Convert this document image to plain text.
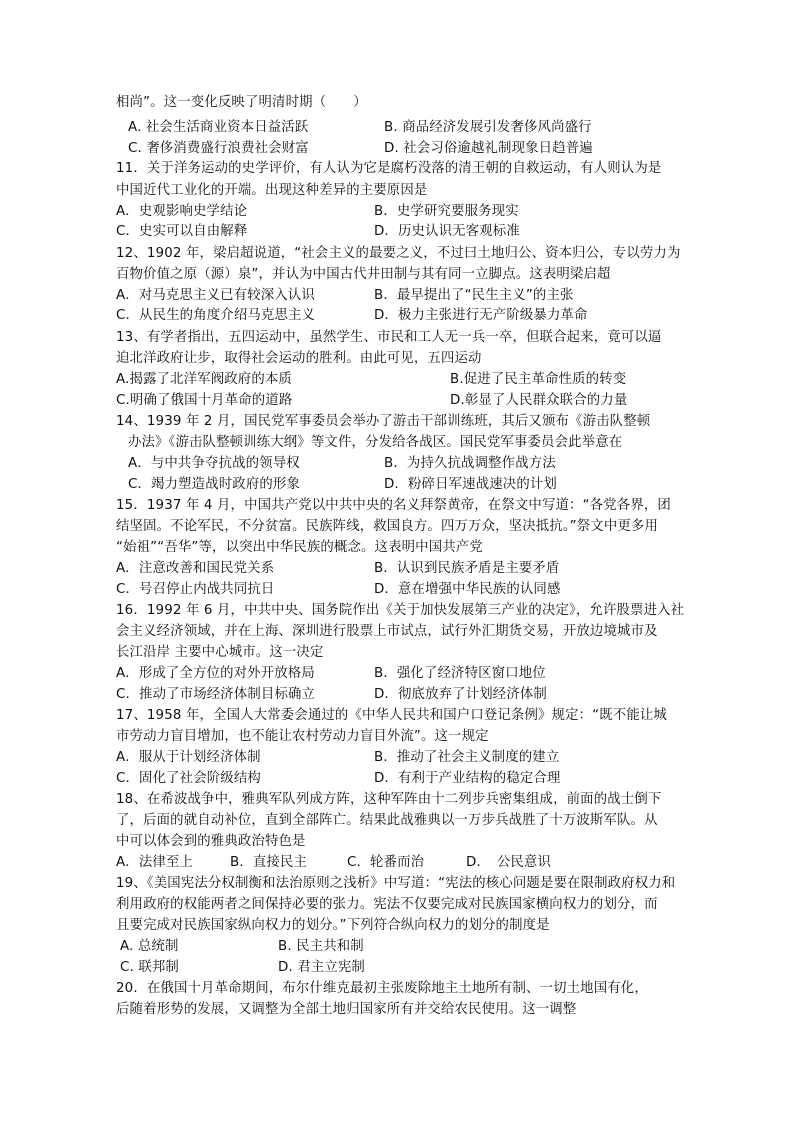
相尚”。这一变化反映了明清时期（　　）
A. 社会生活商业资本日益活跃	B. 商品经济发展引发奢侈风尚盛行
C. 奢侈消费盛行浪费社会财富	D. 社会习俗逾越礼制现象日趋普遍
11．关于洋务运动的史学评价，有人认为它是腐朽没落的清王朝的自救运动，有人则认为是
中国近代工业化的开端。出现这种差异的主要原因是
A．史观影响史学结论	B．史学研究要服务现实
C．史实可以自由解释	D．历史认识无客观标准
12、1902 年，梁启超说道，“社会主义的最要之义，不过曰土地归公、资本归公，专以劳力为
百物价值之原（源）泉”，并认为中国古代井田制与其有同一立脚点。这表明梁启超
A．对马克思主义已有较深入认识	B．最早提出了“民生主义”的主张
C．从民生的角度介绍马克思主义	D．极力主张进行无产阶级暴力革命
13、有学者指出，五四运动中，虽然学生、市民和工人无一兵一卒，但联合起来，竟可以逼
迫北洋政府让步，取得社会运动的胜利。由此可见，五四运动
A.揭露了北洋军阀政府的本质	B.促进了民主革命性质的转变
C.明确了俄国十月革命的道路	D.彰显了人民群众联合的力量
14、1939 年 2 月，国民党军事委员会举办了游击干部训练班，其后又颁布《游击队整顿
办法》《游击队整顿训练大纲》等文件，分发给各战区。国民党军事委员会此举意在
A．与中共争夺抗战的领导权	B．为持久抗战调整作战方法
C．竭力塑造战时政府的形象	D．粉碎日军速战速决的计划
15．1937 年 4 月，中国共产党以中共中央的名义拜祭黄帝，在祭文中写道：“各党各界，团
结坚固。不论军民，不分贫富。民族阵线，救国良方。四万万众，坚决抵抗。”祭文中更多用
“始祖”“吾华”等，以突出中华民族的概念。这表明中国共产党
A．注意改善和国民党关系	B．认识到民族矛盾是主要矛盾
C．号召停止内战共同抗日	D．意在增强中华民族的认同感
16．1992 年 6 月，中共中央、国务院作出《关于加快发展第三产业的决定》，允许股票进入社
会主义经济领域，并在上海、深圳进行股票上市试点，试行外汇期货交易，开放边境城市及
长江沿岸 主要中心城市。这一决定
A．形成了全方位的对外开放格局	B．强化了经济特区窗口地位
C．推动了市场经济体制目标确立	D．彻底放弃了计划经济体制
17、1958 年，全国人大常委会通过的《中华人民共和国户口登记条例》规定：“既不能让城
市劳动力盲目增加，也不能让农村劳动力盲目外流”。这一规定
A．服从于计划经济体制	B．推动了社会主义制度的建立
C．固化了社会阶级结构	D．有利于产业结构的稳定合理
18、在希波战争中，雅典军队列成方阵，这种军阵由十二列步兵密集组成，前面的战士倒下
了，后面的就自动补位，直到全部阵亡。结果此战雅典以一万步兵战胜了十万波斯军队。从
中可以体会到的雅典政治特色是
A．法律至上	B．直接民主	C．轮番而治	D．　公民意识
19、《美国宪法分权制衡和法治原则之浅析》中写道：“宪法的核心问题是要在限制政府权力和
利用政府的权能两者之间保持必要的张力。宪法不仅要完成对民族国家横向权力的划分，而
且要完成对民族国家纵向权力的划分。”下列符合纵向权力的划分的制度是
A. 总统制	B. 民主共和制
C. 联邦制	D. 君主立宪制
20．在俄国十月革命期间，布尔什维克最初主张废除地主土地所有制、一切土地国有化，
后随着形势的发展，又调整为全部土地归国家所有并交给农民使用。这一调整
